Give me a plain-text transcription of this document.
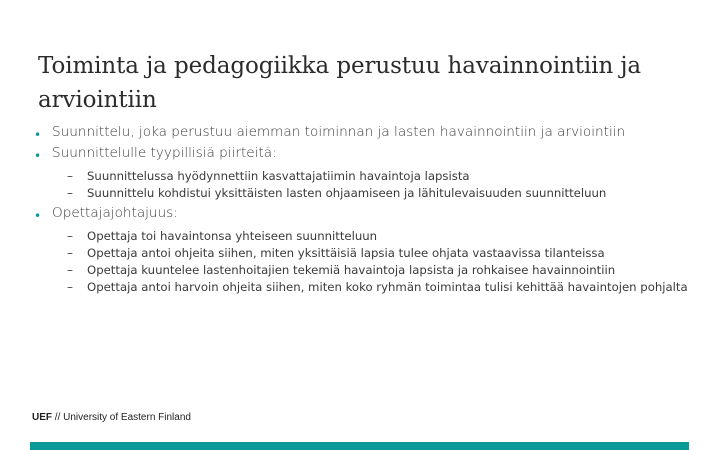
Toiminta ja pedagogiikka perustuu havainnointiin ja arviointiin
• Suunnittelu, joka perustuu aiemman toiminnan ja lasten havainnointiin ja arviointiin
• Suunnittelulle tyypillisiä piirteitä:
– Suunnittelussa hyödynnettiin kasvattajatiimin havaintoja lapsista
– Suunnittelu kohdistui yksittäisten lasten ohjaamiseen ja lähitulevaisuuden suunnitteluun
• Opettajajohtajuus:
– Opettaja toi havaintonsa yhteiseen suunnitteluun
– Opettaja antoi ohjeita siihen, miten yksittäisiä lapsia tulee ohjata vastaavissa tilanteissa
– Opettaja kuuntelee lastenhoitajien tekemiä havaintoja lapsista ja rohkaisee havainnointiin
– Opettaja antoi harvoin ohjeita siihen, miten koko ryhmän toimintaa tulisi kehittää havaintojen pohjalta
UEF // University of Eastern Finland
